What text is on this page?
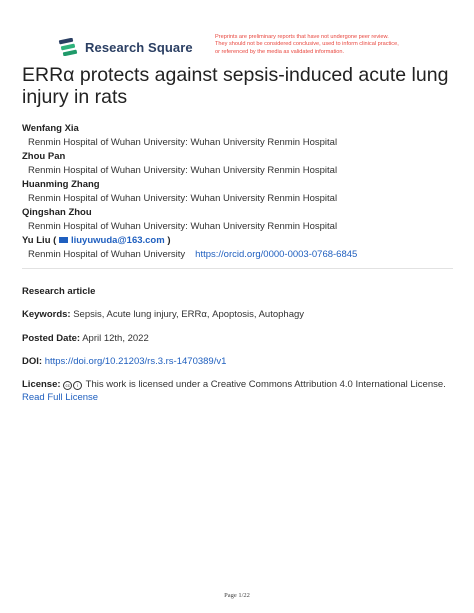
Research Square
Preprints are preliminary reports that have not undergone peer review.
They should not be considered conclusive, used to inform clinical practice,
or referenced by the media as validated information.
ERRα protects against sepsis-induced acute lung injury in rats
Wenfang Xia
Renmin Hospital of Wuhan University: Wuhan University Renmin Hospital
Zhou Pan
Renmin Hospital of Wuhan University: Wuhan University Renmin Hospital
Huanming Zhang
Renmin Hospital of Wuhan University: Wuhan University Renmin Hospital
Qingshan Zhou
Renmin Hospital of Wuhan University: Wuhan University Renmin Hospital
Yu Liu ( liuyuwuda@163.com )
Renmin Hospital of Wuhan University https://orcid.org/0000-0003-0768-6845
Research article
Keywords: Sepsis, Acute lung injury, ERRα, Apoptosis, Autophagy
Posted Date: April 12th, 2022
DOI: https://doi.org/10.21203/rs.3.rs-1470389/v1
License: cc i This work is licensed under a Creative Commons Attribution 4.0 International License.
Read Full License
Page 1/22
